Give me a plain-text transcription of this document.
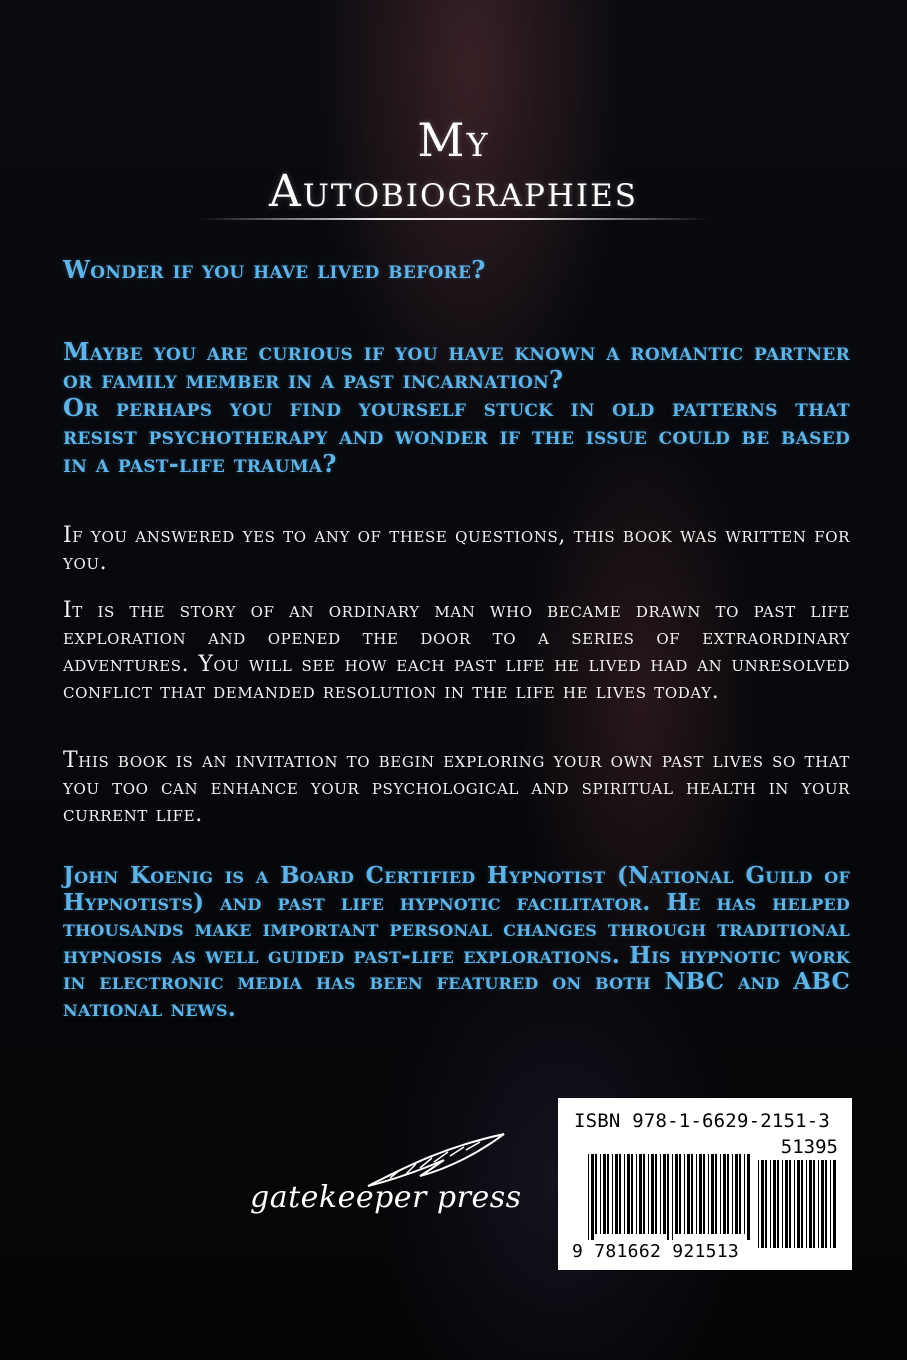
My
Autobiographies

Wonder if you have lived before?

Maybe you are curious if you have known a romantic partner or family member in a past incarnation?

Or perhaps you find yourself stuck in old patterns that resist psychotherapy and wonder if the issue could be based in a past-life trauma?

If you answered yes to any of these questions, this book was written for you.

It is the story of an ordinary man who became drawn to past life exploration and opened the door to a series of extraordinary adventures. You will see how each past life he lived had an unresolved conflict that demanded resolution in the life he lives today.

This book is an invitation to begin exploring your own past lives so that you too can enhance your psychological and spiritual health in your current life.

John Koenig is a Board Certified Hypnotist (National Guild of Hypnotists) and past life hypnotic facilitator. He has helped thousands make important personal changes through traditional hypnosis as well guided past-life explorations. His hypnotic work in electronic media has been featured on both NBC and ABC national news.

gatekeeper press
ISBN 978-1-6629-2151-3
51395
9 781662 921513
